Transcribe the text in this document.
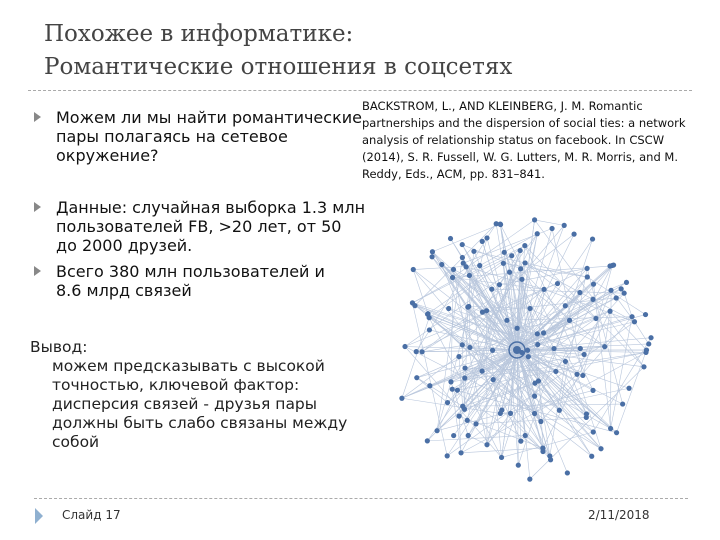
Похожее в информатике:
Романтические отношения в соцсетях
Можем ли мы найти романтические пары полагаясь на сетевое окружение?
BACKSTROM, L., AND KLEINBERG, J. M. Romantic partnerships and the dispersion of social ties: a network analysis of relationship status on facebook. In CSCW (2014), S. R. Fussell, W. G. Lutters, M. R. Morris, and M. Reddy, Eds., ACM, pp. 831–841.
Данные: случайная выборка 1.3 млн пользователей FB, >20 лет, от 50 до 2000 друзей.
Всего 380 млн пользователей и 8.6 млрд связей
Вывод:
можем предсказывать с высокой точностью, ключевой фактор: дисперсия связей - друзья пары должны быть слабо связаны между собой
Слайд 17	2/11/2018
